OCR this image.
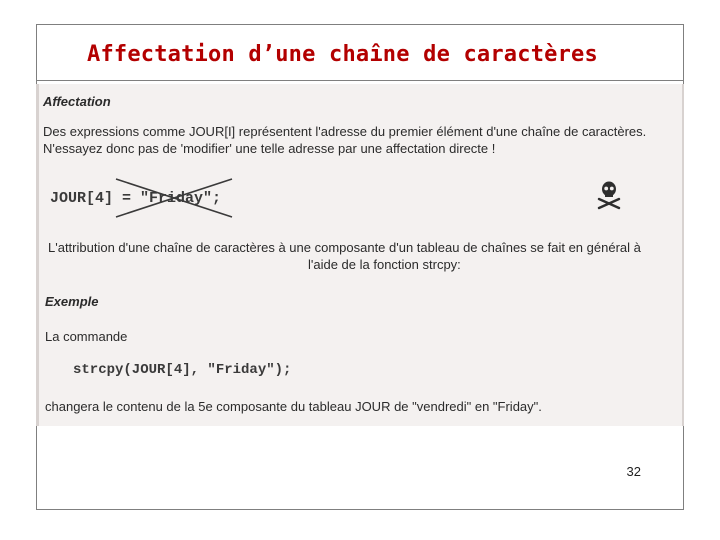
Affectation d’une chaîne de caractères
32
Affectation
Des expressions comme JOUR[I] représentent l'adresse du premier élément d'une chaîne de caractères.
N'essayez donc pas de 'modifier' une telle adresse par une affectation directe !
JOUR[4] = "Friday";
L'attribution d'une chaîne de caractères à une composante d'un tableau de chaînes se fait en général à
l'aide de la fonction strcpy:
Exemple
La commande
strcpy(JOUR[4], "Friday");
changera le contenu de la 5e composante du tableau JOUR de "vendredi" en "Friday".
